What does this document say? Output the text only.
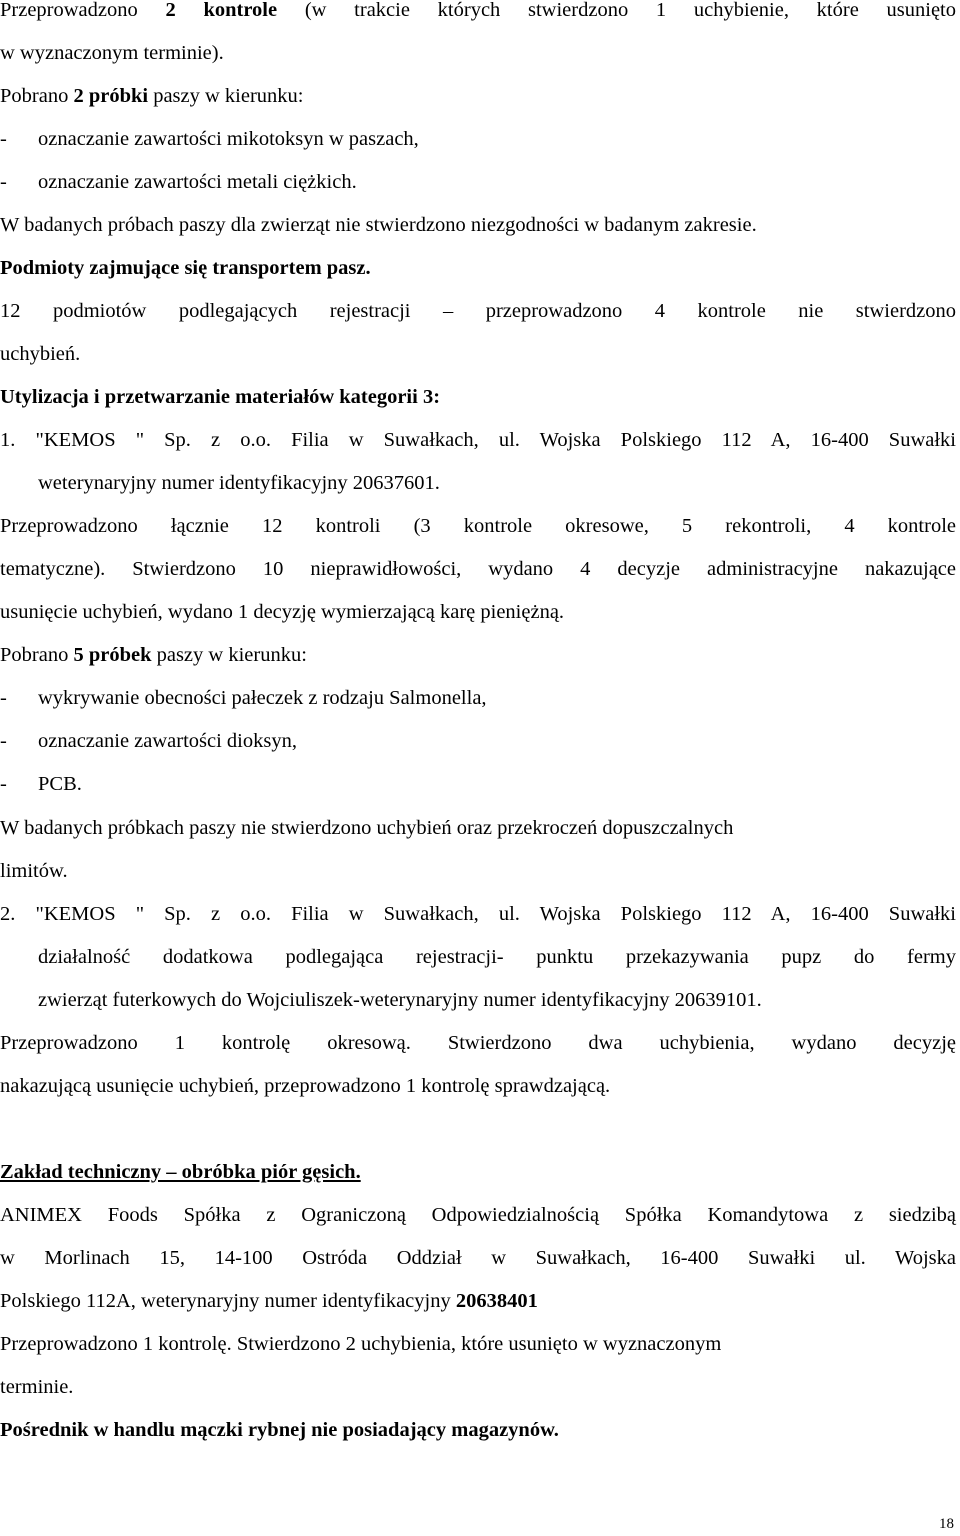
Przeprowadzono 2 kontrole (w trakcie których stwierdzono 1 uchybienie, które usunięto
w wyznaczonym terminie).
Pobrano 2 próbki paszy w kierunku:
- oznaczanie zawartości mikotoksyn w paszach,
- oznaczanie zawartości metali ciężkich.
W badanych próbach paszy dla zwierząt nie stwierdzono niezgodności w badanym zakresie.
Podmioty zajmujące się transportem pasz.
12 podmiotów podlegających rejestracji – przeprowadzono 4 kontrole nie stwierdzono
uchybień.
Utylizacja i przetwarzanie materiałów kategorii 3:
1. "KEMOS " Sp. z o.o. Filia w Suwałkach, ul. Wojska Polskiego 112 A, 16-400 Suwałki
weterynaryjny numer identyfikacyjny 20637601.
Przeprowadzono łącznie 12 kontroli (3 kontrole okresowe, 5 rekontroli, 4 kontrole
tematyczne). Stwierdzono 10 nieprawidłowości, wydano 4 decyzje administracyjne nakazujące
usunięcie uchybień, wydano 1 decyzję wymierzającą karę pieniężną.
Pobrano 5 próbek paszy w kierunku:
- wykrywanie obecności pałeczek z rodzaju Salmonella,
- oznaczanie zawartości dioksyn,
- PCB.
W badanych próbkach paszy nie stwierdzono uchybień oraz przekroczeń dopuszczalnych
limitów.
2. "KEMOS " Sp. z o.o. Filia w Suwałkach, ul. Wojska Polskiego 112 A, 16-400 Suwałki
działalność dodatkowa podlegająca rejestracji- punktu przekazywania pupz do fermy
zwierząt futerkowych do Wojciuliszek-weterynaryjny numer identyfikacyjny 20639101.
Przeprowadzono 1 kontrolę okresową. Stwierdzono dwa uchybienia, wydano decyzję
nakazującą usunięcie uchybień, przeprowadzono 1 kontrolę sprawdzającą.
Zakład techniczny – obróbka piór gęsich.
ANIMEX Foods Spółka z Ograniczoną Odpowiedzialnością Spółka Komandytowa z siedzibą
w Morlinach 15, 14-100 Ostróda Oddział w Suwałkach, 16-400 Suwałki ul. Wojska
Polskiego 112A, weterynaryjny numer identyfikacyjny 20638401
Przeprowadzono 1 kontrolę. Stwierdzono 2 uchybienia, które usunięto w wyznaczonym
terminie.
Pośrednik w handlu mączki rybnej nie posiadający magazynów.
18
